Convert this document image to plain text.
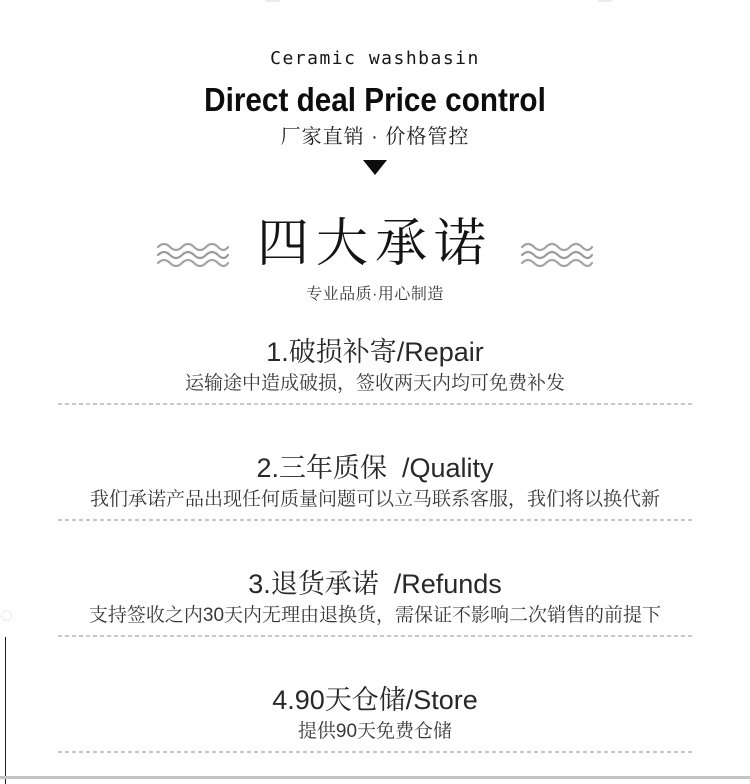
Ceramic washbasin
Direct deal Price control
厂家直销 · 价格管控
四大承诺
专业品质·用心制造
1.破损补寄/Repair
运输途中造成破损，签收两天内均可免费补发
2.三年质保  /Quality
我们承诺产品出现任何质量问题可以立马联系客服，我们将以换代新
3.退货承诺  /Refunds
支持签收之内30天内无理由退换货，需保证不影响二次销售的前提下
4.90天仓储/Store
提供90天免费仓储
